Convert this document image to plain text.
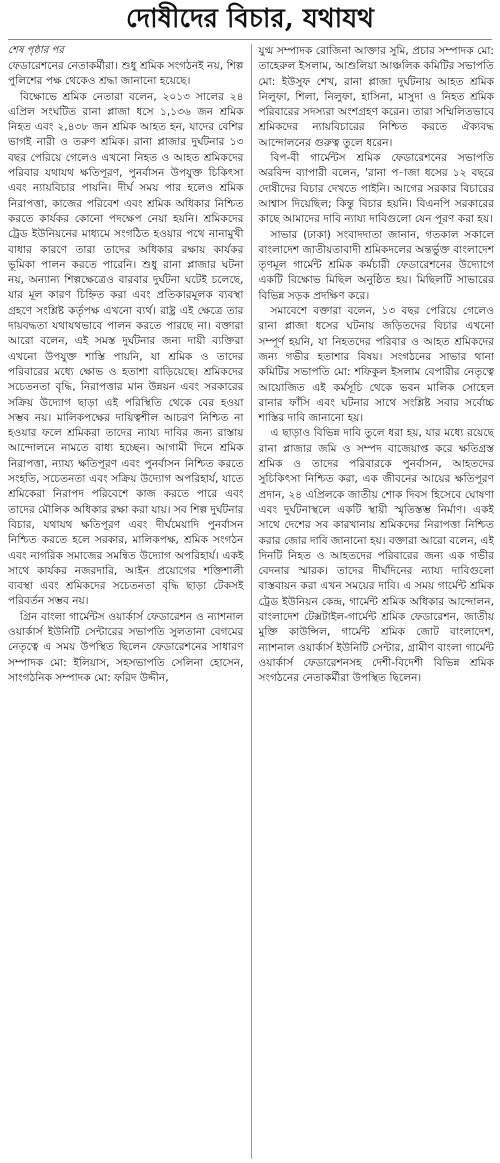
দোষীদের বিচার, যথাযথ
শেষ পৃষ্ঠার পর

ফেডারেশনের নেতাকর্মীরা। শুধু শ্রমিক সংগঠনই নয়, শিল্প পুলিশের পক্ষ থেকেও শ্রদ্ধা জানানো হয়েছে।

বিক্ষোভে শ্রমিক নেতারা বলেন, ২০১৩ সালের ২৪ এপ্রিল সংঘটিত রানা প্লাজা ধসে ১,১৩৬ জন শ্রমিক নিহত এবং ২,৪৩৮ জন শ্রমিক আহত হন, যাদের বেশির ভাগই নারী ও তরুণ শ্রমিক। রানা প্লাজার দুর্ঘটনার ১৩ বছর পেরিয়ে গেলেও এখনো নিহত ও আহত শ্রমিকদের পরিবার যথাযথ ক্ষতিপূরণ, পুনর্বাসন উপযুক্ত চিকিৎসা এবং ন্যায়বিচার পায়নি। দীর্ঘ সময় পার হলেও শ্রমিক নিরাপত্তা, কাজের পরিবেশ এবং শ্রমিক অধিকার নিশ্চিত করতে কার্যকর কোনো পদক্ষেপ নেয়া হয়নি। শ্রমিকদের ট্রেড ইউনিয়নের মাধ্যমে সংগঠিত হওয়ার পথে নানামুখী বাধার কারণে তারা তাদের অধিকার রক্ষায় কার্যকর ভূমিকা পালন করতে পারেনি। শুধু রানা প্লাজার ঘটনা নয়, অন্যান্য শিল্পক্ষেত্রেও বারবার দুর্ঘটনা ঘটেই চলেছে, যার মূল কারণ চিহ্নিত করা এবং প্রতিকারমূলক ব্যবস্থা গ্রহণে সংশ্লিষ্ট কর্তৃপক্ষ এখনো ব্যর্থ। রাষ্ট্র এই ক্ষেত্রে তার দায়বদ্ধতা যথাযথভাবে পালন করতে পারছে না। বক্তারা আরো বলেন, এই সমস্ত দুর্ঘটনার জন্য দায়ী ব্যক্তিরা এখনো উপযুক্ত শাস্তি পায়নি, যা শ্রমিক ও তাদের পরিবারের মধ্যে ক্ষোভ ও হতাশা বাড়িয়েছে। শ্রমিকদের সচেতনতা বৃদ্ধি, নিরাপত্তার মান উন্নয়ন এবং সরকারের সক্রিয় উদ্যোগ ছাড়া এই পরিস্থিতি থেকে বের হওয়া সম্ভব নয়। মালিকপক্ষের দায়িত্বশীল আচরণ নিশ্চিত না হওয়ার ফলে শ্রমিকরা তাদের ন্যায্য দাবির জন্য রাস্তায় আন্দোলনে নামতে বাধ্য হচ্ছেন। আগামী দিনে শ্রমিক নিরাপত্তা, ন্যায্য ক্ষতিপূরণ এবং পুনর্বাসন নিশ্চিত করতে সংহতি, সচেতনতা এবং সক্রিয় উদ্যোগ অপরিহার্য, যাতে শ্রমিকেরা নিরাপদ পরিবেশে কাজ করতে পারে এবং তাদের মৌলিক অধিকার রক্ষা করা যায়। সব শিল্প দুর্ঘটনার বিচার, যথাযথ ক্ষতিপূরণ এবং দীর্ঘমেয়াদি পুনর্বাসন নিশ্চিত করতে হলে সরকার, মালিকপক্ষ, শ্রমিক সংগঠন এবং নাগরিক সমাজের সমন্বিত উদ্যোগ অপরিহার্য। একই সাথে কার্যকর নজরদারি, আইন প্রয়োগের শক্তিশালী ব্যবস্থা এবং শ্রমিকদের সচেতনতা বৃদ্ধি ছাড়া টেকসই পরিবর্তন সম্ভব নয়।

গ্রিন বাংলা গার্মেন্টস ওয়ার্কার্স ফেডারেশন ও ন্যাশনাল ওয়ার্কার্স ইউনিটি সেন্টারের সভাপতি সুলতানা বেগমের নেতৃত্বে এ সময় উপস্থিত ছিলেন ফেডারেশনের সাধারণ সম্পাদক মো: ইলিয়াস, সহসভাপতি সেলিনা হোসেন, সাংগঠনিক সম্পাদক মো: ফরিদ উদ্দীন,

যুগ্ম সম্পাদক রোজিনা আক্তার সুমি, প্রচার সম্পাদক মো: তাহেরুল ইসলাম, আশুলিয়া আঞ্চলিক কমিটির সভাপতি মো: ইউসুফ শেখ, রানা প্লাজা দুর্ঘটনায় আহত শ্রমিক নিলুফা, শিলা, নিলুফা, হাসিনা, মাসুদা ও নিহত শ্রমিক পরিবারের সদস্যরা অংশগ্রহণ করেন। তারা সম্মিলিতভাবে শ্রমিকদের ন্যায়বিচারের নিশ্চিত করতে ঐক্যবদ্ধ আন্দোলনের গুরুত্ব তুলে ধরেন।

বিপ-বী গার্মেন্টস শ্রমিক ফেডারেশনের সভাপতি অরবিন্দ ব্যাপারী বলেন, 'রানা প-াজা ধসের ১২ বছরে দোষীদের বিচার দেখতে পাইনি। আগের সরকার বিচারের আশ্বাস দিয়েছিল; কিন্তু বিচার হয়নি। বিএনপি সরকারের কাছে আমাদের দাবি ন্যায্য দাবিগুলো যেন পূরণ করা হয়।

সাভার (ঢাকা) সংবাদদাতা জানান, গতকাল সকালে বাংলাদেশ জাতীয়তাবাদী শ্রমিকদলের অন্তর্ভুক্ত বাংলাদেশ তৃণমূল গার্মেন্ট শ্রমিক কর্মচারী ফেডারেশনের উদ্যোগে একটি বিক্ষোভ মিছিল অনুষ্ঠিত হয়। মিছিলটি সাভারের বিভিন্ন সড়ক প্রদক্ষিণ করে।

সমাবেশে বক্তারা বলেন, ১৩ বছর পেরিয়ে গেলেও রানা প্লাজা ধসের ঘটনায় জড়িতদের বিচার এখনো সম্পূর্ণ হয়নি, যা নিহতদের পরিবার ও আহত শ্রমিকদের জন্য গভীর হতাশার বিষয়। সংগঠনের সাভার থানা কমিটির সভাপতি মো: শফিকুল ইসলাম বেপারীর নেতৃত্বে আয়োজিত এই কর্মসূচি থেকে ভবন মালিক সোহেল রানার ফাঁসি এবং ঘটনার সাথে সংশ্লিষ্ট সবার সর্বোচ্চ শাস্তির দাবি জানানো হয়।

এ ছাড়াও বিভিন্ন দাবি তুলে ধরা হয়, যার মধ্যে রয়েছে রানা প্লাজার জমি ও সম্পদ বাজেয়াপ্ত করে ক্ষতিগ্রস্ত শ্রমিক ও তাদের পরিবারকে পুনর্বাসন, আহতদের সুচিকিৎসা নিশ্চিত করা, এক জীবনের আয়ের ক্ষতিপূরণ প্রদান, ২৪ এপ্রিলকে জাতীয় শোক দিবস হিসেবে ঘোষণা এবং দুর্ঘটনাস্থলে একটি স্থায়ী স্মৃতিস্তম্ভ নির্মাণ। একই সাথে দেশের সব কারখানায় শ্রমিকদের নিরাপত্তা নিশ্চিত করার জোর দাবি জানানো হয়। বক্তারা আরো বলেন, এই দিনটি নিহত ও আহতদের পরিবারের জন্য এক গভীর বেদনার স্মারক। তাদের দীর্ঘদিনের ন্যায্য দাবিগুলো বাস্তবায়ন করা এখন সময়ের দাবি। এ সময় গার্মেন্ট শ্রমিক ট্রেড ইউনিয়ন কেন্দ্র, গার্মেন্ট শ্রমিক অধিকার আন্দোলন, বাংলাদেশ টেক্সটাইল-গার্মেন্ট শ্রমিক ফেডারেশন, জাতীয় মুক্তি কাউন্সিল, গার্মেন্ট শ্রমিক জোট বাংলাদেশ, ন্যাশনাল ওয়ার্কার্স ইউনিটি সেন্টার, গ্রামীণ বাংলা গার্মেন্ট ওয়ার্কার্স ফেডারেশনসহ দেশী-বিদেশী বিভিন্ন শ্রমিক সংগঠনের নেতাকর্মীরা উপস্থিত ছিলেন।
